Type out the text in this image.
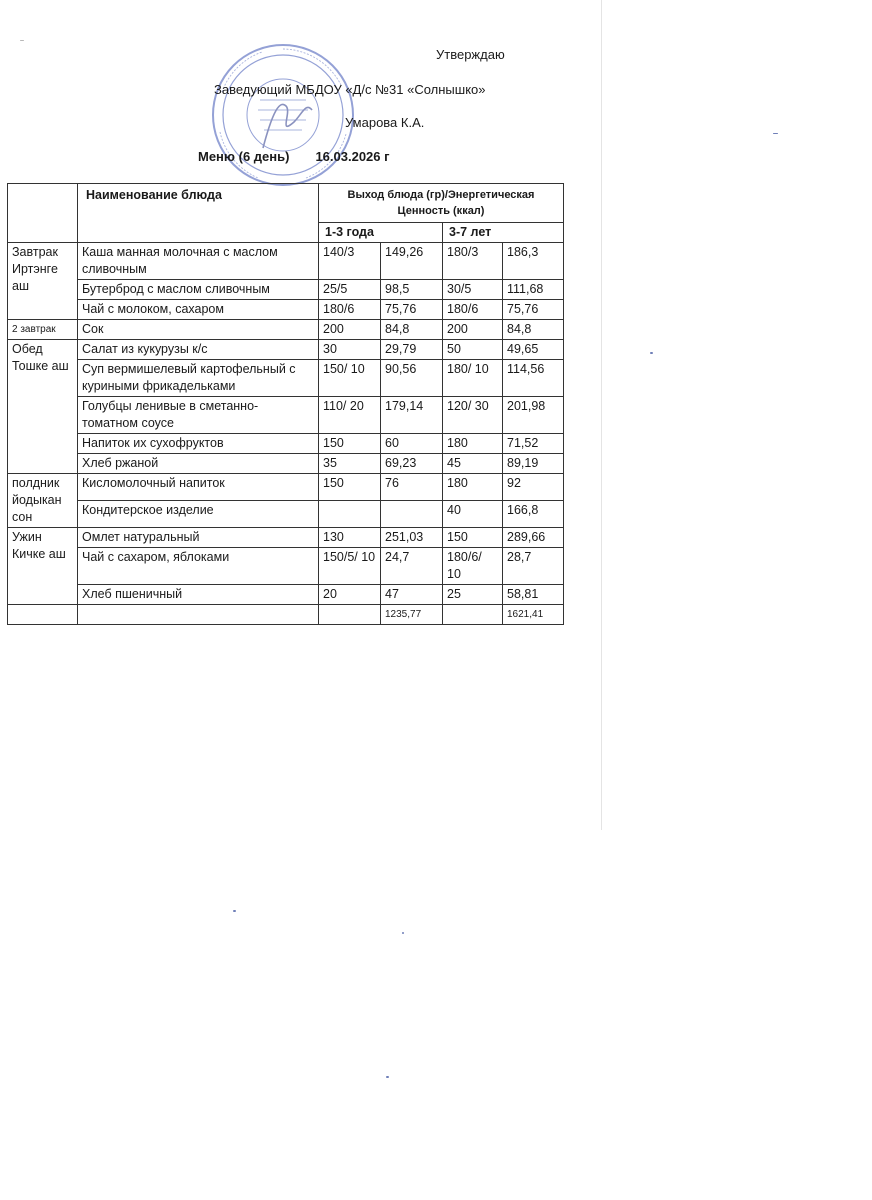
Утверждаю
Заведующий МБДОУ «Д/с №31 «Солнышко»
Умарова К.А.
Меню (6 день) 16.03.2026 г
	Наименование блюда	Выход блюда (гр)/Энергетическая Ценность (ккал)			
		1-3 года		3-7 лет	
Завтрак Иртэнге аш	Каша манная молочная с маслом сливочным	140/3	149,26	180/3	186,3
	Бутерброд с маслом сливочным	25/5	98,5	30/5	111,68
	Чай с молоком, сахаром	180/6	75,76	180/6	75,76
2 завтрак	Сок	200	84,8	200	84,8
Обед Тошке аш	Салат из кукурузы к/с	30	29,79	50	49,65
	Суп вермишелевый картофельный с куриными фрикадельками	150/ 10	90,56	180/ 10	114,56
	Голубцы ленивые в сметанно-томатном соусе	110/ 20	179,14	120/ 30	201,98
	Напиток их сухофруктов	150	60	180	71,52
	Хлеб ржаной	35	69,23	45	89,19
полдник йодыкан сон	Кисломолочный напиток	150	76	180	92
	Кондитерское изделие			40	166,8
Ужин Кичке аш	Омлет натуральный	130	251,03	150	289,66
	Чай с сахаром, яблоками	150/5/ 10	24,7	180/6/ 10	28,7
	Хлеб пшеничный	20	47	25	58,81
			1235,77		1621,41
